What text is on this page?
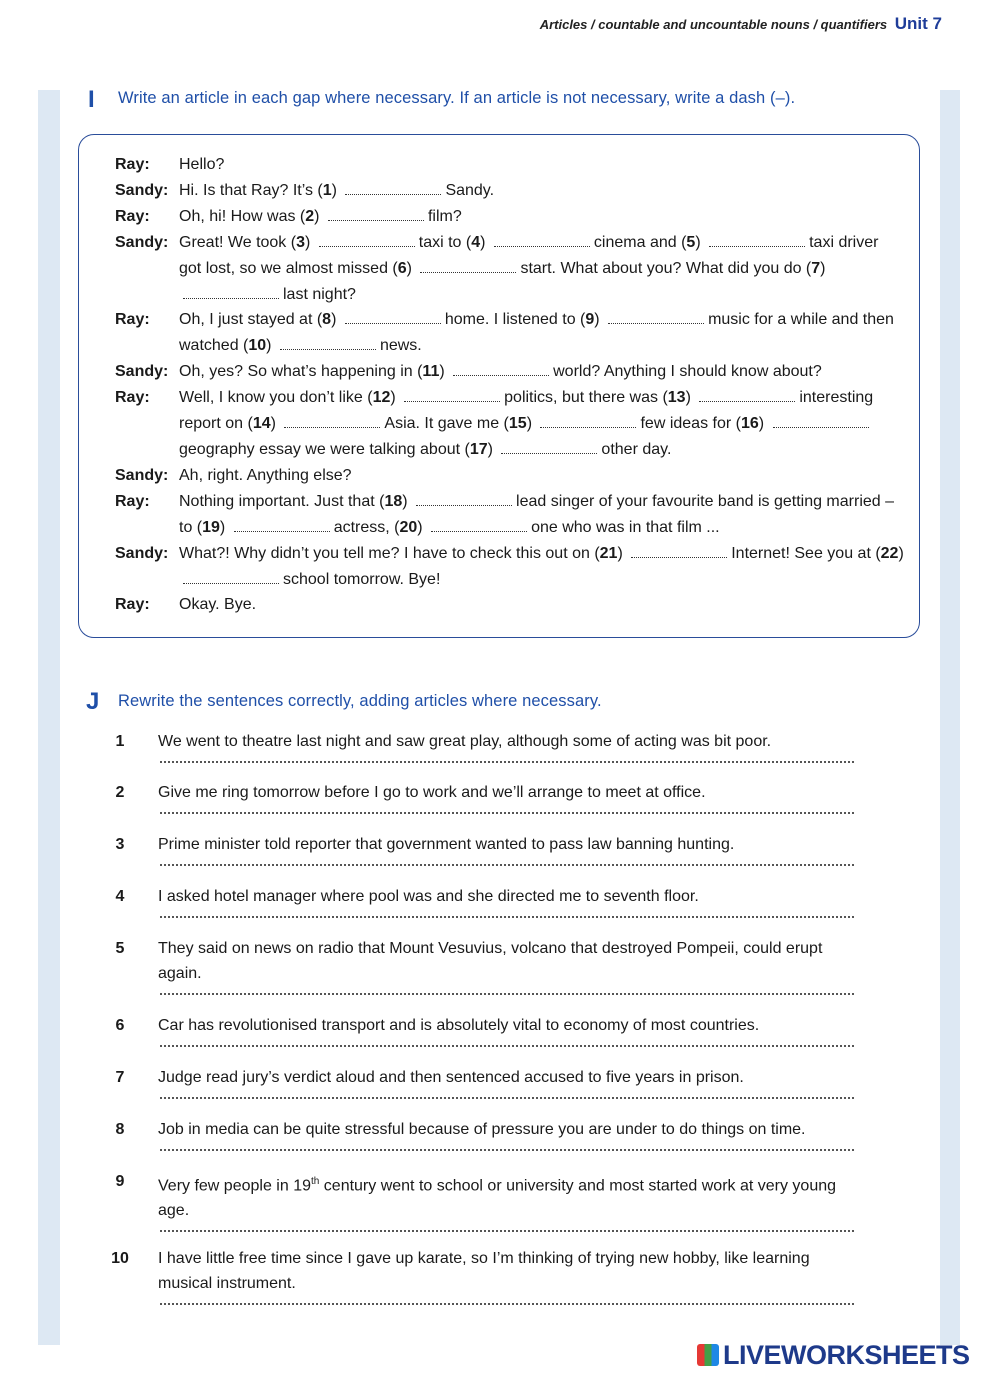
Articles / countable and uncountable nouns / quantifiers Unit 7
I Write an article in each gap where necessary. If an article is not necessary, write a dash (–).
Ray:	Hello?
Sandy: Hi. Is that Ray? It’s (1)	Sandy.
Ray:	Oh, hi! How was (2)	film?
Sandy: Great! We took (3)	taxi to (4)	cinema and (5)	taxi driver got lost, so we almost missed (6)	start. What about you? What did you do (7) last night?
Ray:	Oh, I just stayed at (8)	home. I listened to (9)	music for a while and then watched (10)	news.
Sandy: Oh, yes? So what’s happening in (11)	world? Anything I should know about?
Ray:	Well, I know you don’t like (12)	politics, but there was (13)	interesting report on (14)	Asia. It gave me (15)	few ideas for (16) geography essay we were talking about (17)	other day.
Sandy: Ah, right. Anything else?
Ray:	Nothing important. Just that (18)	lead singer of your favourite band is getting married – to (19)	actress, (20)	one who was in that film ...
Sandy: What?! Why didn’t you tell me? I have to check this out on (21)	Internet! See you at (22) school tomorrow. Bye!
Ray:	Okay. Bye.
J Rewrite the sentences correctly, adding articles where necessary.
1	We went to theatre last night and saw great play, although some of acting was bit poor.
2	Give me ring tomorrow before I go to work and we’ll arrange to meet at office.
3	Prime minister told reporter that government wanted to pass law banning hunting.
4	I asked hotel manager where pool was and she directed me to seventh floor.
5	They said on news on radio that Mount Vesuvius, volcano that destroyed Pompeii, could erupt again.
6	Car has revolutionised transport and is absolutely vital to economy of most countries.
7	Judge read jury’s verdict aloud and then sentenced accused to five years in prison.
8	Job in media can be quite stressful because of pressure you are under to do things on time.
9	Very few people in 19th century went to school or university and most started work at very young age.
10	I have little free time since I gave up karate, so I’m thinking of trying new hobby, like learning musical instrument.
LIVEWORKSHEETS
